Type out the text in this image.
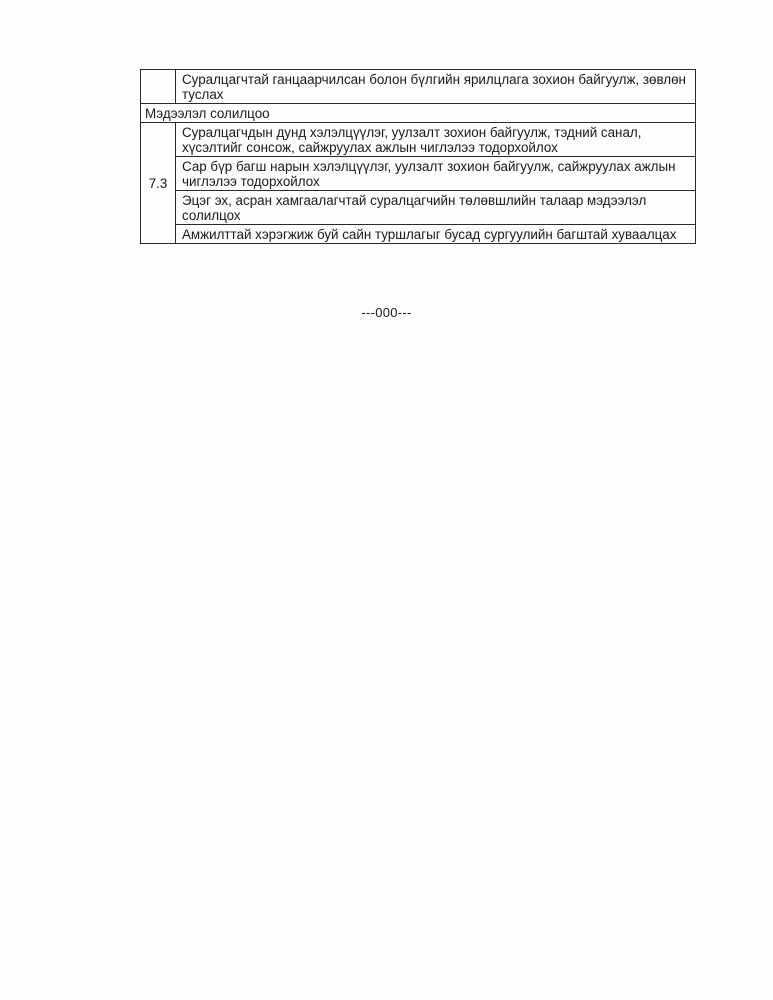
	Суралцагчтай ганцаарчилсан болон бүлгийн ярилцлага зохион байгуулж, зөвлөн туслах
Мэдээлэл солилцоо	
7.3	Суралцагчдын дунд хэлэлцүүлэг, уулзалт зохион байгуулж, тэдний санал, хүсэлтийг сонсож, сайжруулах ажлын чиглэлээ тодорхойлох
	Сар бүр багш нарын хэлэлцүүлэг, уулзалт зохион байгуулж, сайжруулах ажлын чиглэлээ тодорхойлох
	Эцэг эх, асран хамгаалагчтай суралцагчийн төлөвшлийн талаар мэдээлэл солилцох
	Амжилттай хэрэгжиж буй сайн туршлагыг бусад сургуулийн багштай хуваалцах
---000---
